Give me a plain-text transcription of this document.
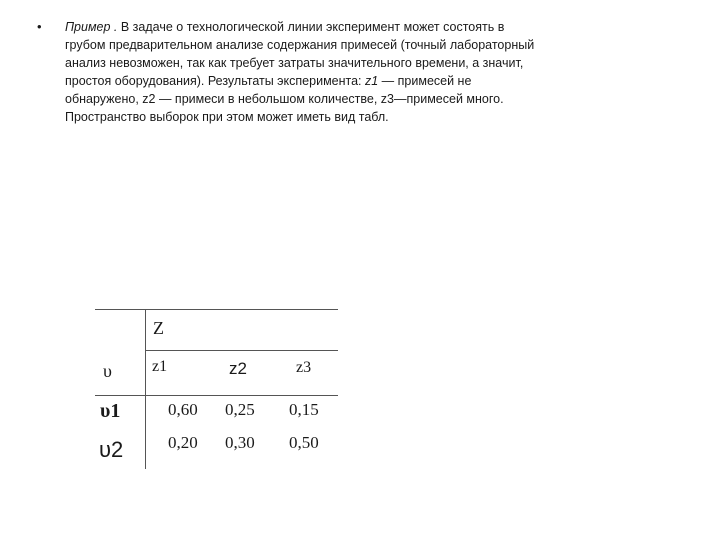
• Пример . В задаче о технологической линии эксперимент может состоять в
грубом предварительном анализе содержания примесей (точный лабораторный
анализ невозможен, так как требует затраты значительного времени, а значит,
простоя оборудования). Результаты эксперимента: z1 — примесей не
обнаружено, z2 — примеси в небольшом количестве, z3—примесей много.
Пространство выборок при этом может иметь вид табл.
Z
υ	z1	z2	z3
υ1	0,60 0,25 0,15
υ2	0,20 0,30 0,50
